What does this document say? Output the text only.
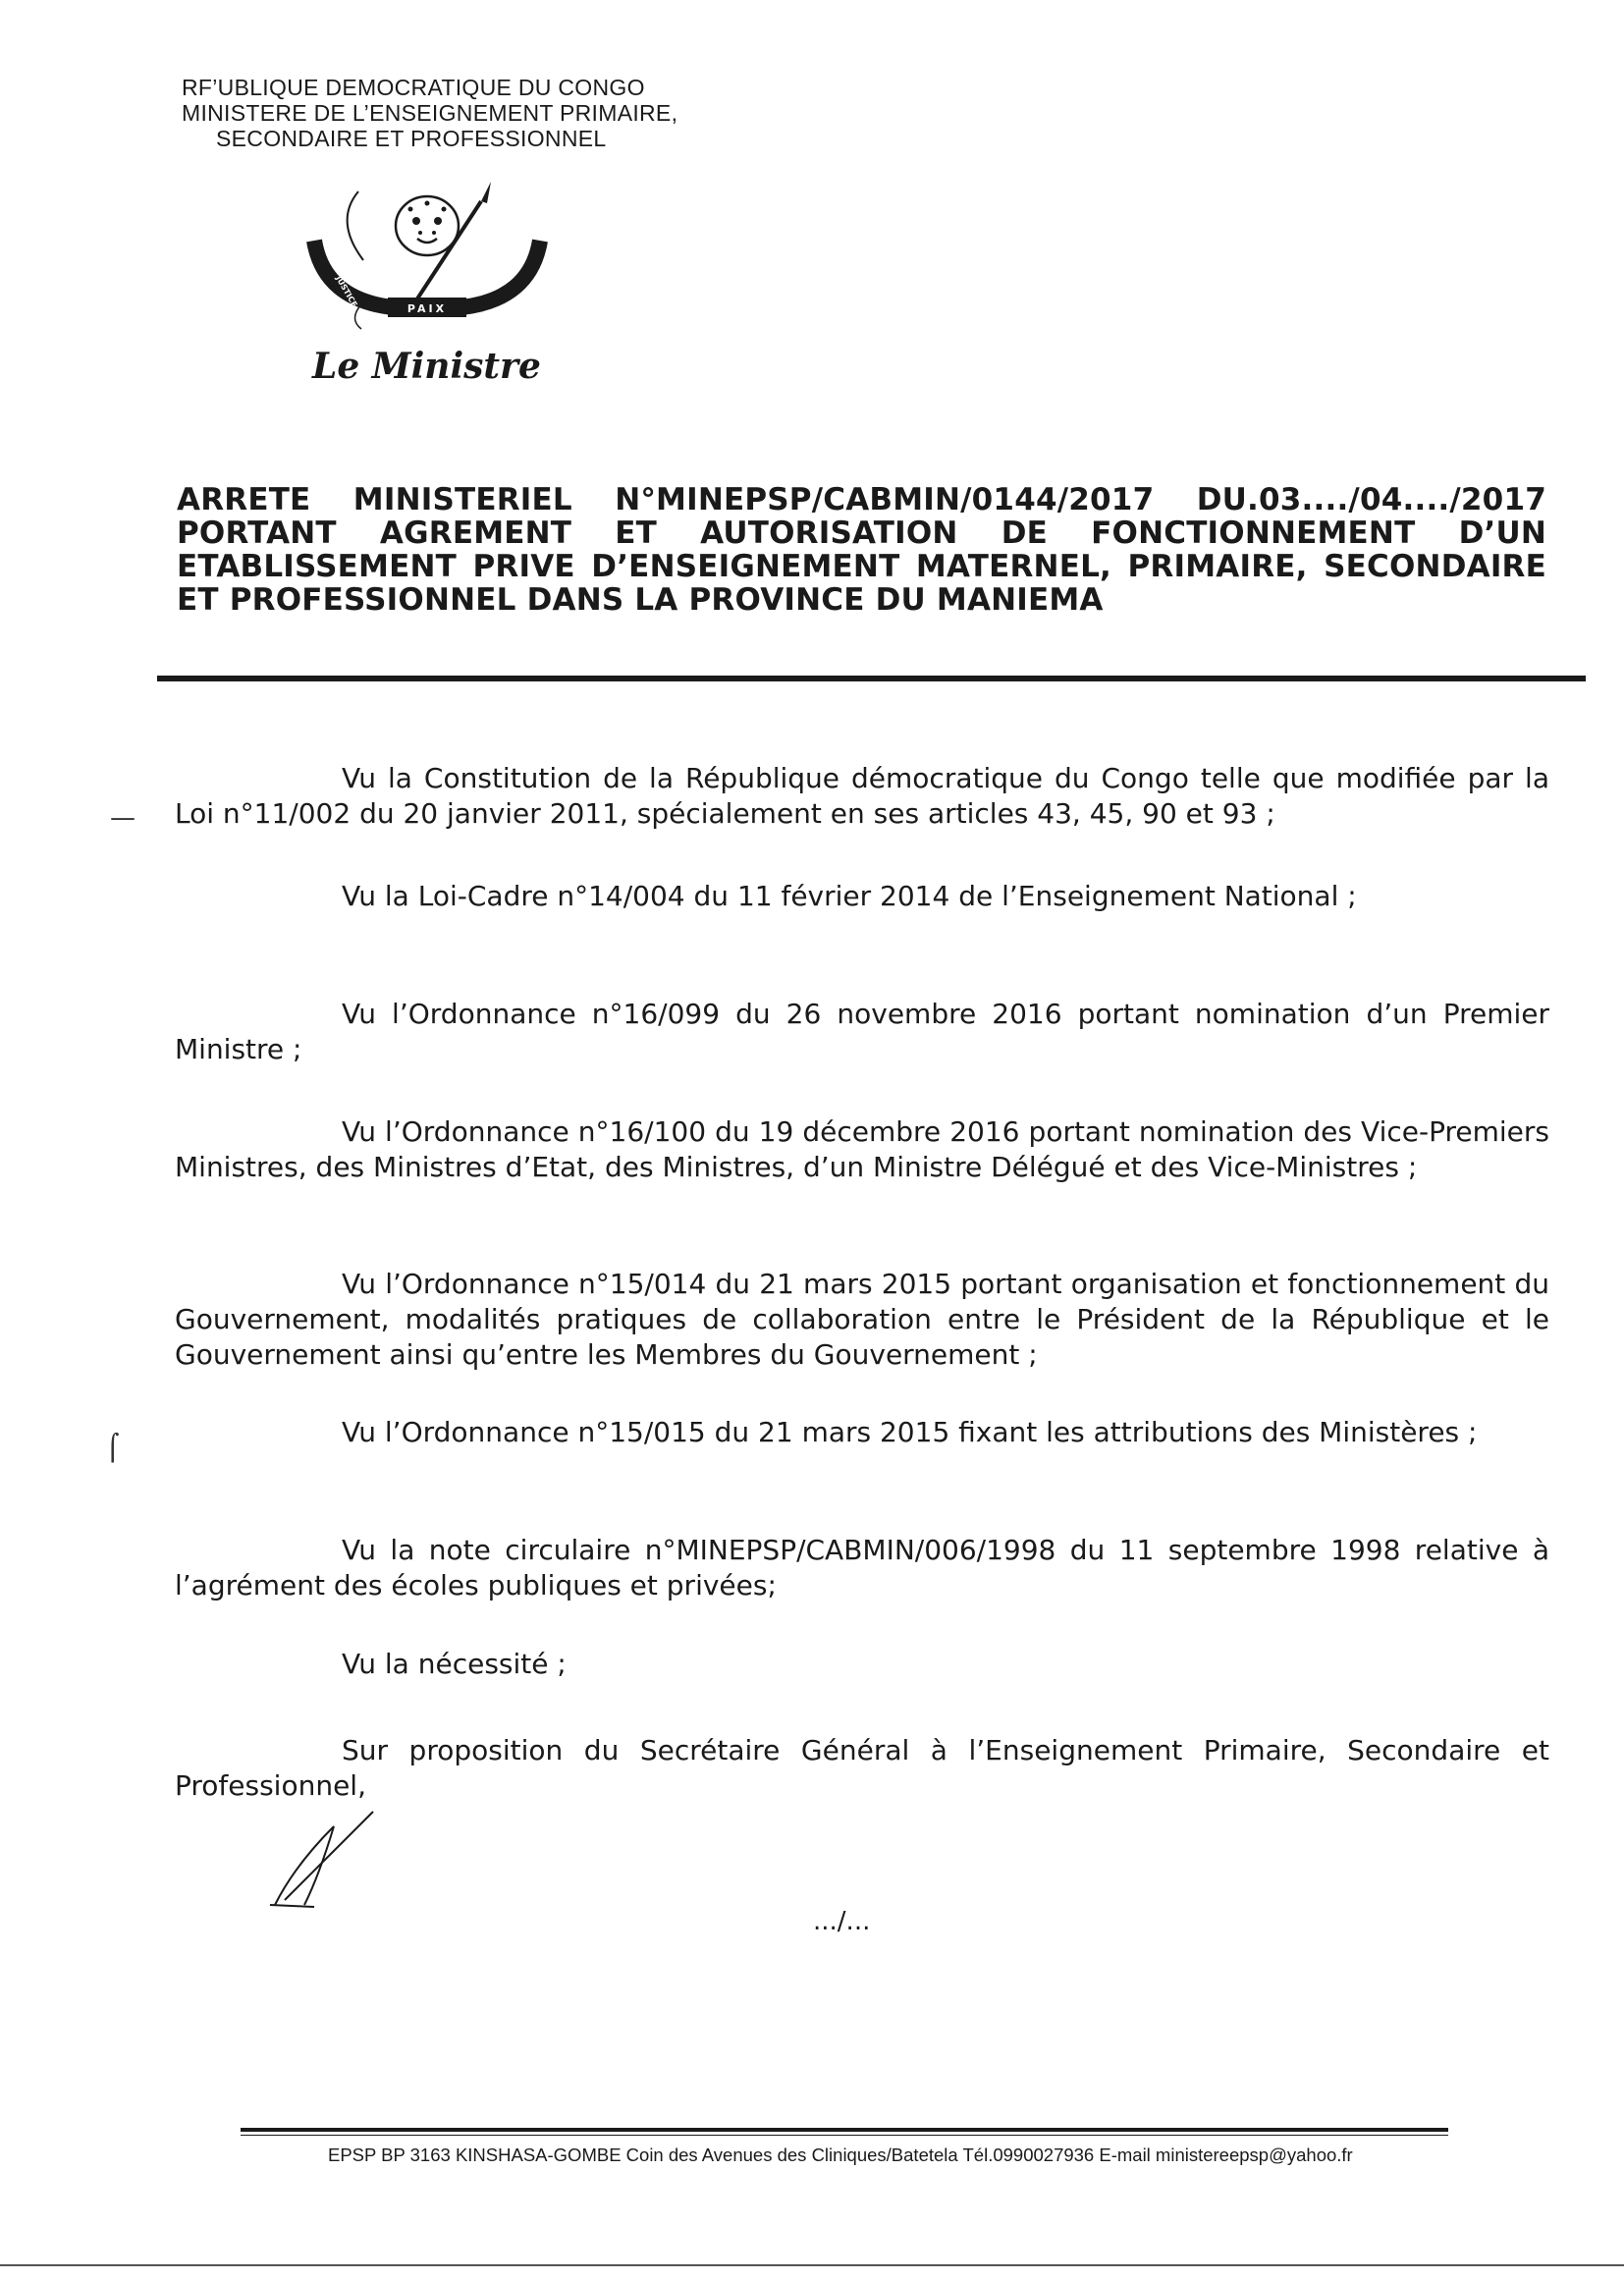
RF’UBLIQUE DEMOCRATIQUE DU CONGO
MINISTERE DE L’ENSEIGNEMENT PRIMAIRE,
SECONDAIRE ET PROFESSIONNEL
PAIX
JUSTICE
TRAVAIL
Le Ministre
ARRETE MINISTERIEL N°MINEPSP/CABMIN/0144/2017 DU.03..../04..../2017
PORTANT AGREMENT ET AUTORISATION DE FONCTIONNEMENT D’UN
ETABLISSEMENT PRIVE D’ENSEIGNEMENT MATERNEL, PRIMAIRE, SECONDAIRE
ET PROFESSIONNEL DANS LA PROVINCE DU MANIEMA

Vu la Constitution de la République démocratique du Congo telle que modifiée par la Loi n°11/002 du 20 janvier 2011, spécialement en ses articles 43, 45, 90 et 93 ;

Vu la Loi-Cadre n°14/004 du 11 février 2014 de l’Enseignement National ;

Vu l’Ordonnance n°16/099 du 26 novembre 2016 portant nomination d’un Premier Ministre ;

Vu l’Ordonnance n°16/100 du 19 décembre 2016 portant nomination des Vice-Premiers Ministres, des Ministres d’Etat, des Ministres, d’un Ministre Délégué et des Vice-Ministres ;

Vu l’Ordonnance n°15/014 du 21 mars 2015 portant organisation et fonctionnement du Gouvernement, modalités pratiques de collaboration entre le Président de la République et le Gouvernement ainsi qu’entre les Membres du Gouvernement ;

Vu l’Ordonnance n°15/015 du 21 mars 2015 fixant les attributions des Ministères ;

Vu la note circulaire n°MINEPSP/CABMIN/006/1998 du 11 septembre 1998 relative à l’agrément des écoles publiques et privées;

Vu la nécessité ;

Sur proposition du Secrétaire Général à l’Enseignement Primaire, Secondaire et Professionnel,

—
⌠
.../...
EPSP BP 3163 KINSHASA-GOMBE Coin des Avenues des Cliniques/Batetela Tél.0990027936 E-mail ministereepsp@yahoo.fr
